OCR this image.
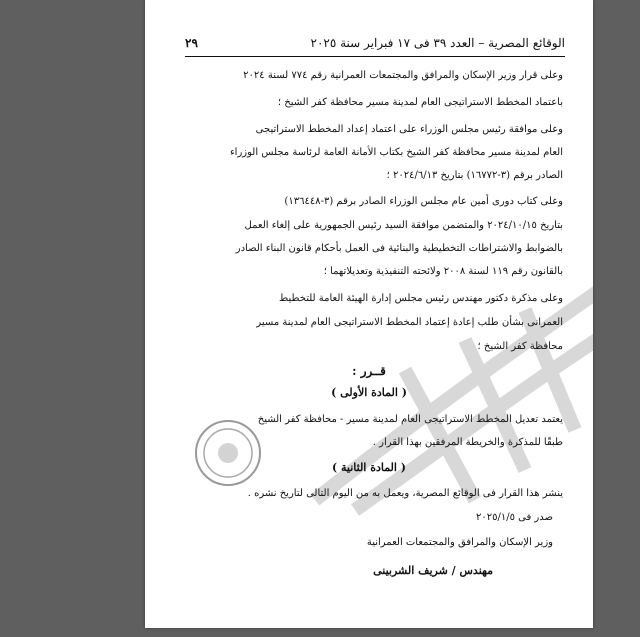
الوقائع المصرية – العدد ٣٩ فى ١٧ فبراير سنة ٢٠٢٥
٢٩
وعلى قرار وزير الإسكان والمرافق والمجتمعات العمرانية رقم ٧٧٤ لسنة ٢٠٢٤
باعتماد المخطط الاستراتيجى العام لمدينة مسير محافظة كفر الشيخ ؛
وعلى موافقة رئيس مجلس الوزراء على اعتماد إعداد المخطط الاستراتيجى
العام لمدينة مسير محافظة كفر الشيخ بكتاب الأمانة العامة لرئاسة مجلس الوزراء
الصادر برقم (٣-١٦٧٧٢) بتاريخ ٢٠٢٤/٦/١٣ ؛
وعلى كتاب دورى أمين عام مجلس الوزراء الصادر برقم (٣-١٣٦٤٤٨)
بتاريخ ٢٠٢٤/١٠/١٥ والمتضمن موافقة السيد رئيس الجمهورية على إلغاء العمل
بالضوابط والاشتراطات التخطيطية والبنائية فى العمل بأحكام قانون البناء الصادر
بالقانون رقم ١١٩ لسنة ٢٠٠٨ ولائحته التنفيذية وتعديلاتهما ؛
وعلى مذكرة دكتور مهندس رئيس مجلس إدارة الهيئة العامة للتخطيط
العمرانى بشأن طلب إعادة إعتماد المخطط الاستراتيجى العام لمدينة مسير
محافظة كفر الشيخ ؛
قــرر :
( المادة الأولى )
يعتمد تعديل المخطط الاستراتيجى العام لمدينة مسير - محافظة كفر الشيخ
طبقًا للمذكرة والخريطة المرفقين بهذا القرار .
( المادة الثانية )
ينشر هذا القرار فى الوقائع المصرية، ويعمل به من اليوم التالى لتاريخ نشره .
صدر فى ٢٠٢٥/١/٥
وزير الإسكان والمرافق والمجتمعات العمرانية
مهندس / شريف الشربينى
